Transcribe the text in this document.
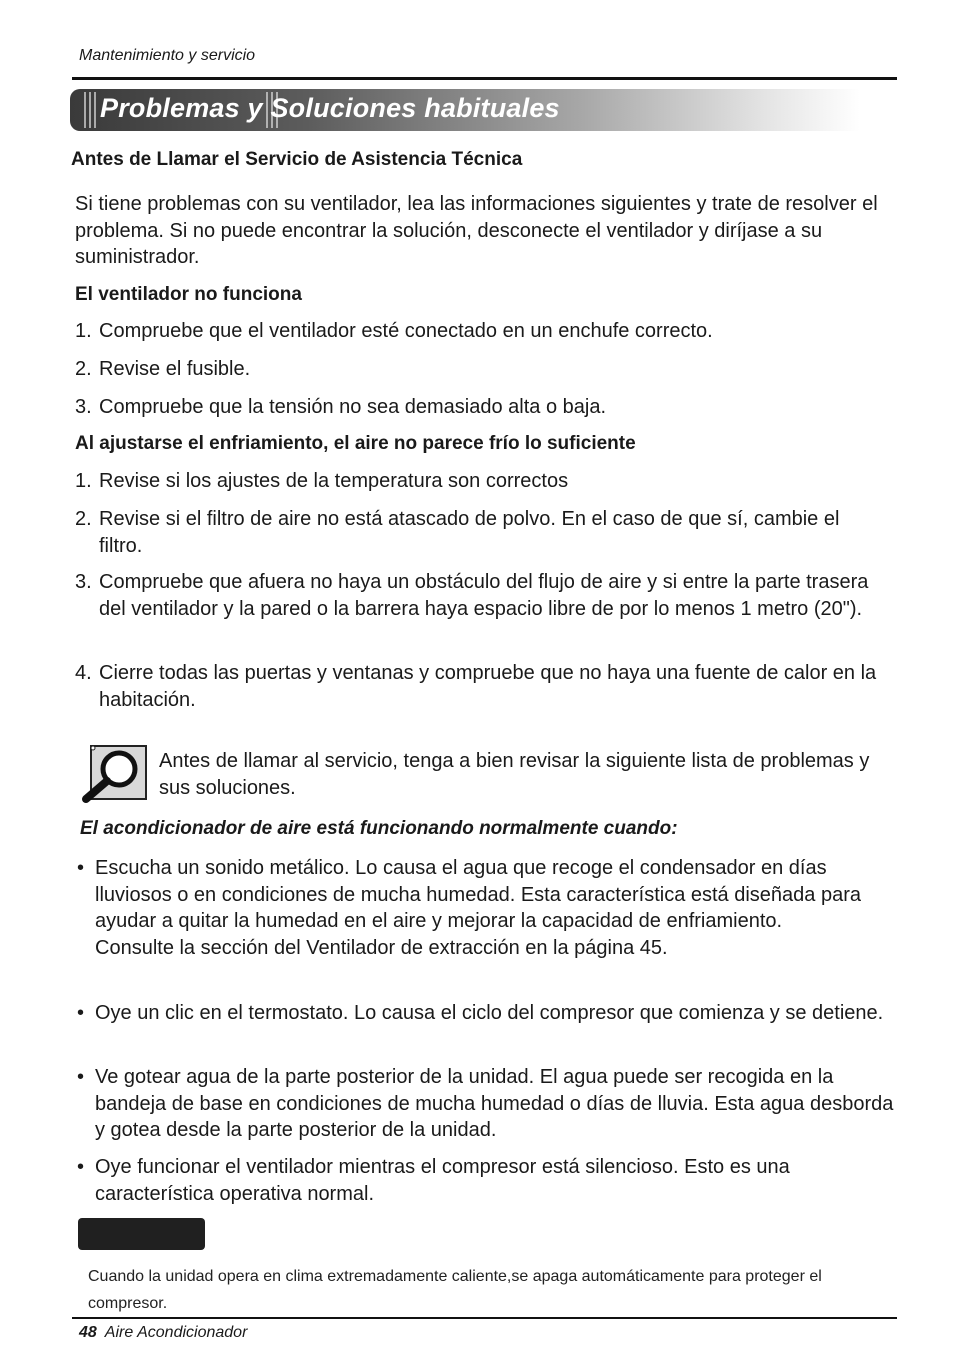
Mantenimiento y servicio
Problemas y Soluciones habituales
Antes de Llamar el Servicio de Asistencia Técnica
Si tiene problemas con su ventilador, lea las informaciones siguientes y trate de resolver el problema. Si no puede encontrar la solución, desconecte el ventilador y diríjase a su suministrador.
El ventilador no funciona
1. Compruebe que el ventilador esté conectado en un enchufe correcto.
2. Revise el fusible.
3. Compruebe que la tensión no sea demasiado alta o baja.
Al ajustarse el enfriamiento, el aire no parece frío lo suficiente
1. Revise si los ajustes de la temperatura son correctos
2. Revise si el filtro de aire no está atascado de polvo. En el caso de que sí, cambie el filtro.
3. Compruebe que afuera no haya un obstáculo del flujo de aire y si entre la parte trasera del ventilador y la pared o la barrera haya espacio libre de por lo menos 1 metro (20").
4. Cierre todas las puertas y ventanas y compruebe que no haya una fuente de calor en la habitación.
Antes de llamar al servicio, tenga a bien revisar la siguiente lista de problemas y sus soluciones.
El acondicionador de aire está funcionando normalmente cuando:
• Escucha un sonido metálico. Lo causa el agua que recoge el condensador en días lluviosos o en condiciones de mucha humedad. Esta característica está diseñada para ayudar a quitar la humedad en el aire y mejorar la capacidad de enfriamiento.
Consulte la sección del Ventilador de extracción en la página 45.
• Oye un clic en el termostato. Lo causa el ciclo del compresor que comienza y se detiene.
• Ve gotear agua de la parte posterior de la unidad. El agua puede ser recogida en la bandeja de base en condiciones de mucha humedad o días de lluvia. Esta agua desborda y gotea desde la parte posterior de la unidad.
• Oye funcionar el ventilador mientras el compresor está silencioso. Esto es una característica operativa normal.
Cuando la unidad opera en clima extremadamente caliente,se apaga automáticamente para proteger el compresor.
48 Aire Acondicionador
